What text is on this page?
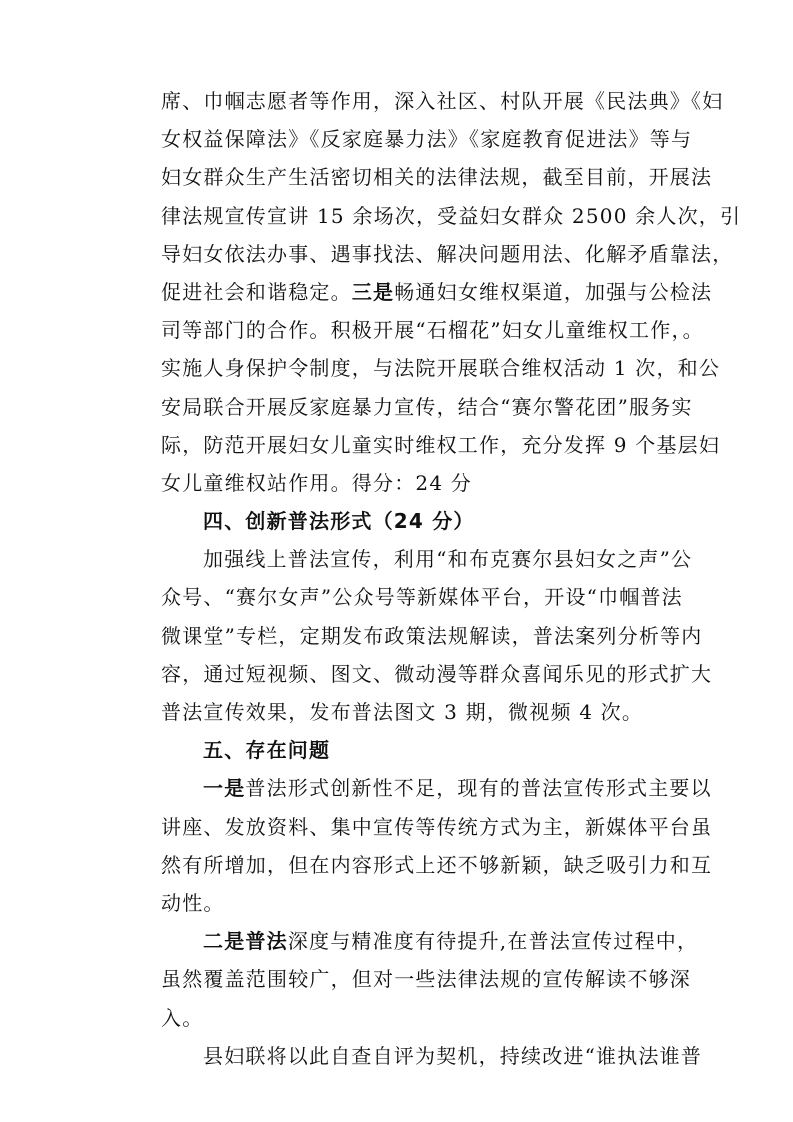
席、巾帼志愿者等作用，深入社区、村队开展《民法典》《妇
女权益保障法》《反家庭暴力法》《家庭教育促进法》等与
妇女群众生产生活密切相关的法律法规，截至目前，开展法
律法规宣传宣讲 15 余场次，受益妇女群众 2500 余人次，引
导妇女依法办事、遇事找法、解决问题用法、化解矛盾靠法，
促进社会和谐稳定。三是畅通妇女维权渠道，加强与公检法
司等部门的合作。积极开展“石榴花”妇女儿童维权工作，。
实施人身保护令制度，与法院开展联合维权活动 1 次，和公
安局联合开展反家庭暴力宣传，结合“赛尔警花团”服务实
际，防范开展妇女儿童实时维权工作，充分发挥 9 个基层妇
女儿童维权站作用。得分：24 分
四、创新普法形式（24 分）
加强线上普法宣传，利用“和布克赛尔县妇女之声”公
众号、“赛尔女声”公众号等新媒体平台，开设“巾帼普法
微课堂”专栏，定期发布政策法规解读，普法案列分析等内
容，通过短视频、图文、微动漫等群众喜闻乐见的形式扩大
普法宣传效果，发布普法图文 3 期，微视频 4 次。
五、存在问题
一是普法形式创新性不足，现有的普法宣传形式主要以
讲座、发放资料、集中宣传等传统方式为主，新媒体平台虽
然有所增加，但在内容形式上还不够新颖，缺乏吸引力和互
动性。
二是普法深度与精准度有待提升,在普法宣传过程中，
虽然覆盖范围较广，但对一些法律法规的宣传解读不够深
入。
县妇联将以此自查自评为契机，持续改进“谁执法谁普
